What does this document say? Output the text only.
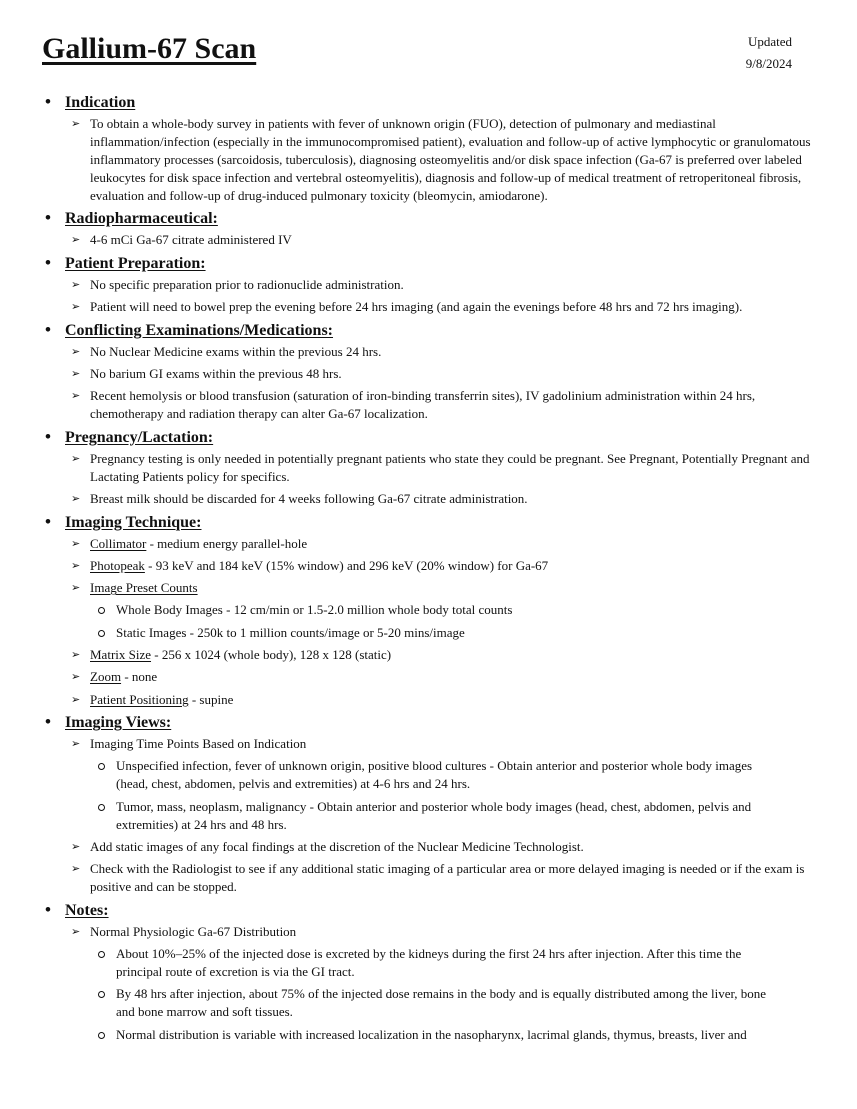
Gallium-67 Scan	Updated
9/8/2024
• Indication
➢ To obtain a whole-body survey in patients with fever of unknown origin (FUO), detection of pulmonary and mediastinal inflammation/infection (especially in the immunocompromised patient), evaluation and follow-up of active lymphocytic or granulomatous inflammatory processes (sarcoidosis, tuberculosis), diagnosing osteomyelitis and/or disk space infection (Ga-67 is preferred over labeled leukocytes for disk space infection and vertebral osteomyelitis), diagnosis and follow-up of medical treatment of retroperitoneal fibrosis, evaluation and follow-up of drug-induced pulmonary toxicity (bleomycin, amiodarone).
• Radiopharmaceutical:
➢ 4-6 mCi Ga-67 citrate administered IV
• Patient Preparation:
➢ No specific preparation prior to radionuclide administration.
➢ Patient will need to bowel prep the evening before 24 hrs imaging (and again the evenings before 48 hrs and 72 hrs imaging).
• Conflicting Examinations/Medications:
➢ No Nuclear Medicine exams within the previous 24 hrs.
➢ No barium GI exams within the previous 48 hrs.
➢ Recent hemolysis or blood transfusion (saturation of iron-binding transferrin sites), IV gadolinium administration within 24 hrs, chemotherapy and radiation therapy can alter Ga-67 localization.
• Pregnancy/Lactation:
➢ Pregnancy testing is only needed in potentially pregnant patients who state they could be pregnant. See Pregnant, Potentially Pregnant and Lactating Patients policy for specifics.
➢ Breast milk should be discarded for 4 weeks following Ga-67 citrate administration.
• Imaging Technique:
➢ Collimator - medium energy parallel-hole
➢ Photopeak - 93 keV and 184 keV (15% window) and 296 keV (20% window) for Ga-67
➢ Image Preset Counts
Whole Body Images - 12 cm/min or 1.5-2.0 million whole body total counts
Static Images - 250k to 1 million counts/image or 5-20 mins/image
➢ Matrix Size - 256 x 1024 (whole body), 128 x 128 (static)
➢ Zoom - none
➢ Patient Positioning - supine
• Imaging Views:
➢ Imaging Time Points Based on Indication
Unspecified infection, fever of unknown origin, positive blood cultures - Obtain anterior and posterior whole body images (head, chest, abdomen, pelvis and extremities) at 4-6 hrs and 24 hrs.
Tumor, mass, neoplasm, malignancy - Obtain anterior and posterior whole body images (head, chest, abdomen, pelvis and extremities) at 24 hrs and 48 hrs.
➢ Add static images of any focal findings at the discretion of the Nuclear Medicine Technologist.
➢ Check with the Radiologist to see if any additional static imaging of a particular area or more delayed imaging is needed or if the exam is positive and can be stopped.
• Notes:
➢ Normal Physiologic Ga-67 Distribution
About 10%–25% of the injected dose is excreted by the kidneys during the first 24 hrs after injection. After this time the principal route of excretion is via the GI tract.
By 48 hrs after injection, about 75% of the injected dose remains in the body and is equally distributed among the liver, bone and bone marrow and soft tissues.
Normal distribution is variable with increased localization in the nasopharynx, lacrimal glands, thymus, breasts, liver and
